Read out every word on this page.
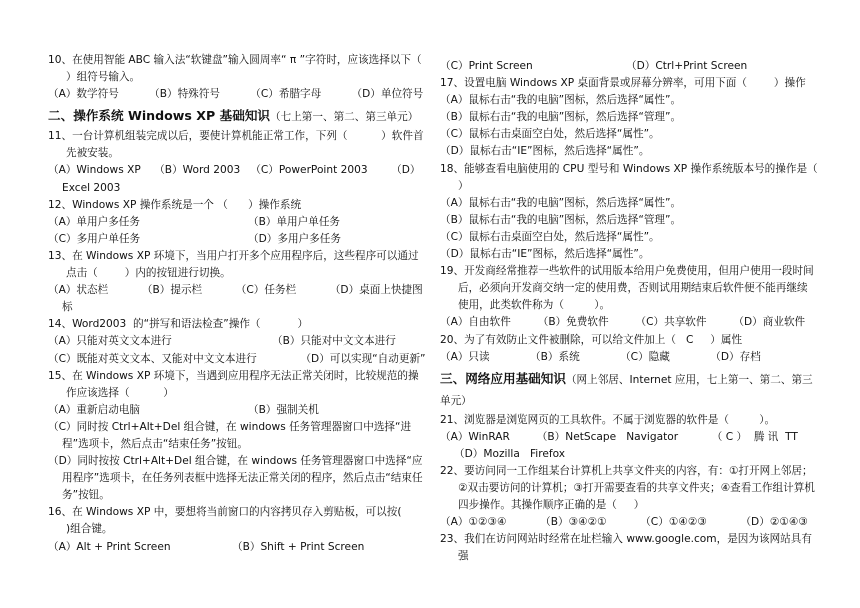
10、在使用智能 ABC 输入法“软键盘”输入圆周率“ π ”字符时，应该选择以下（   ）组符号输入。
（A）数学符号         （B）特殊符号         （C）希腊字母         （D）单位符号
二、操作系统 Windows XP 基础知识（七上第一、第二、第三单元）
11、一台计算机组装完成以后，要使计算机能正常工作，下列（          ）软件首先被安装。
（A）Windows XP    （B）Word 2003   （C）PowerPoint 2003       （D）Excel 2003
12、Windows XP 操作系统是一个 （      ）操作系统
（A）单用户多任务	（B）单用户单任务
（C）多用户单任务	（D）多用户多任务
13、在 Windows XP 环境下，当用户打开多个应用程序后，这些程序可以通过点击（        ）内的按钮进行切换。
（A）状态栏          （B）提示栏          （C）任务栏          （D）桌面上快捷图标
14、Word2003  的“拼写和语法检查”操作（           ）
（A）只能对英文文本进行	（B）只能对中文文本进行
（C）既能对英文文本、又能对中文文本进行             （D）可以实现“自动更新”
15、在 Windows XP 环境下，当遇到应用程序无法正常关闭时，比较规范的操作应该选择（          ）
（A）重新启动电脑	（B）强制关机
（C）同时按 Ctrl+Alt+Del 组合键，在 windows 任务管理器窗口中选择“进程”选项卡，然后点击“结束任务”按钮。
（D）同时按按 Ctrl+Alt+Del 组合键，在 windows 任务管理器窗口中选择“应用程序”选项卡，在任务列表框中选择无法正常关闭的程序，然后点击“结束任务”按钮。
16、在 Windows XP 中，要想将当前窗口的内容拷贝存入剪贴板，可以按(        )组合键。
（A）Alt + Print Screen	（B）Shift + Print Screen
（C）Print Screen	（D）Ctrl+Print Screen
17、设置电脑 Windows XP 桌面背景或屏幕分辨率，可用下面（        ）操作
（A）鼠标右击“我的电脑”图标，然后选择“属性”。
（B）鼠标右击“我的电脑”图标，然后选择“管理”。
（C）鼠标右击桌面空白处，然后选择“属性”。
（D）鼠标右击“IE”图标，然后选择“属性”。
18、能够查看电脑使用的 CPU 型号和 Windows XP 操作系统版本号的操作是（       ）
（A）鼠标右击“我的电脑”图标，然后选择“属性”。
（B）鼠标右击“我的电脑”图标，然后选择“管理”。
（C）鼠标右击桌面空白处，然后选择“属性”。
（D）鼠标右击“IE”图标，然后选择“属性”。
19、开发商经常推荐一些软件的试用版本给用户免费使用，但用户使用一段时间后，必须向开发商交纳一定的使用费，否则试用期结束后软件便不能再继续使用，此类软件称为（         ）。
（A）自由软件        （B）免费软件        （C）共享软件        （D）商业软件
20、为了有效防止文件被删除，可以给文件加上（   C     ）属性
（A）只读            （B）系统            （C）隐藏            （D）存档
三、网络应用基础知识（网上邻居、Internet 应用，七上第一、第二、第三单元）
21、浏览器是浏览网页的工具软件。不属于浏览器的软件是（         ）。
（A）WinRAR        （B）NetScape   Navigator          （ C ）  腾 讯  TT       （D）Mozilla   Firefox
22、要访问同一工作组某台计算机上共享文件夹的内容，有：①打开网上邻居；②双击要访问的计算机；③打开需要查看的共享文件夹；④查看工作组计算机四步操作。其操作顺序正确的是（     ）
（A）①②③④          （B）③④②①          （C）①④②③          （D）②①④③
23、我们在访问网站时经常在址栏输入 www.google.com，是因为该网站具有强
